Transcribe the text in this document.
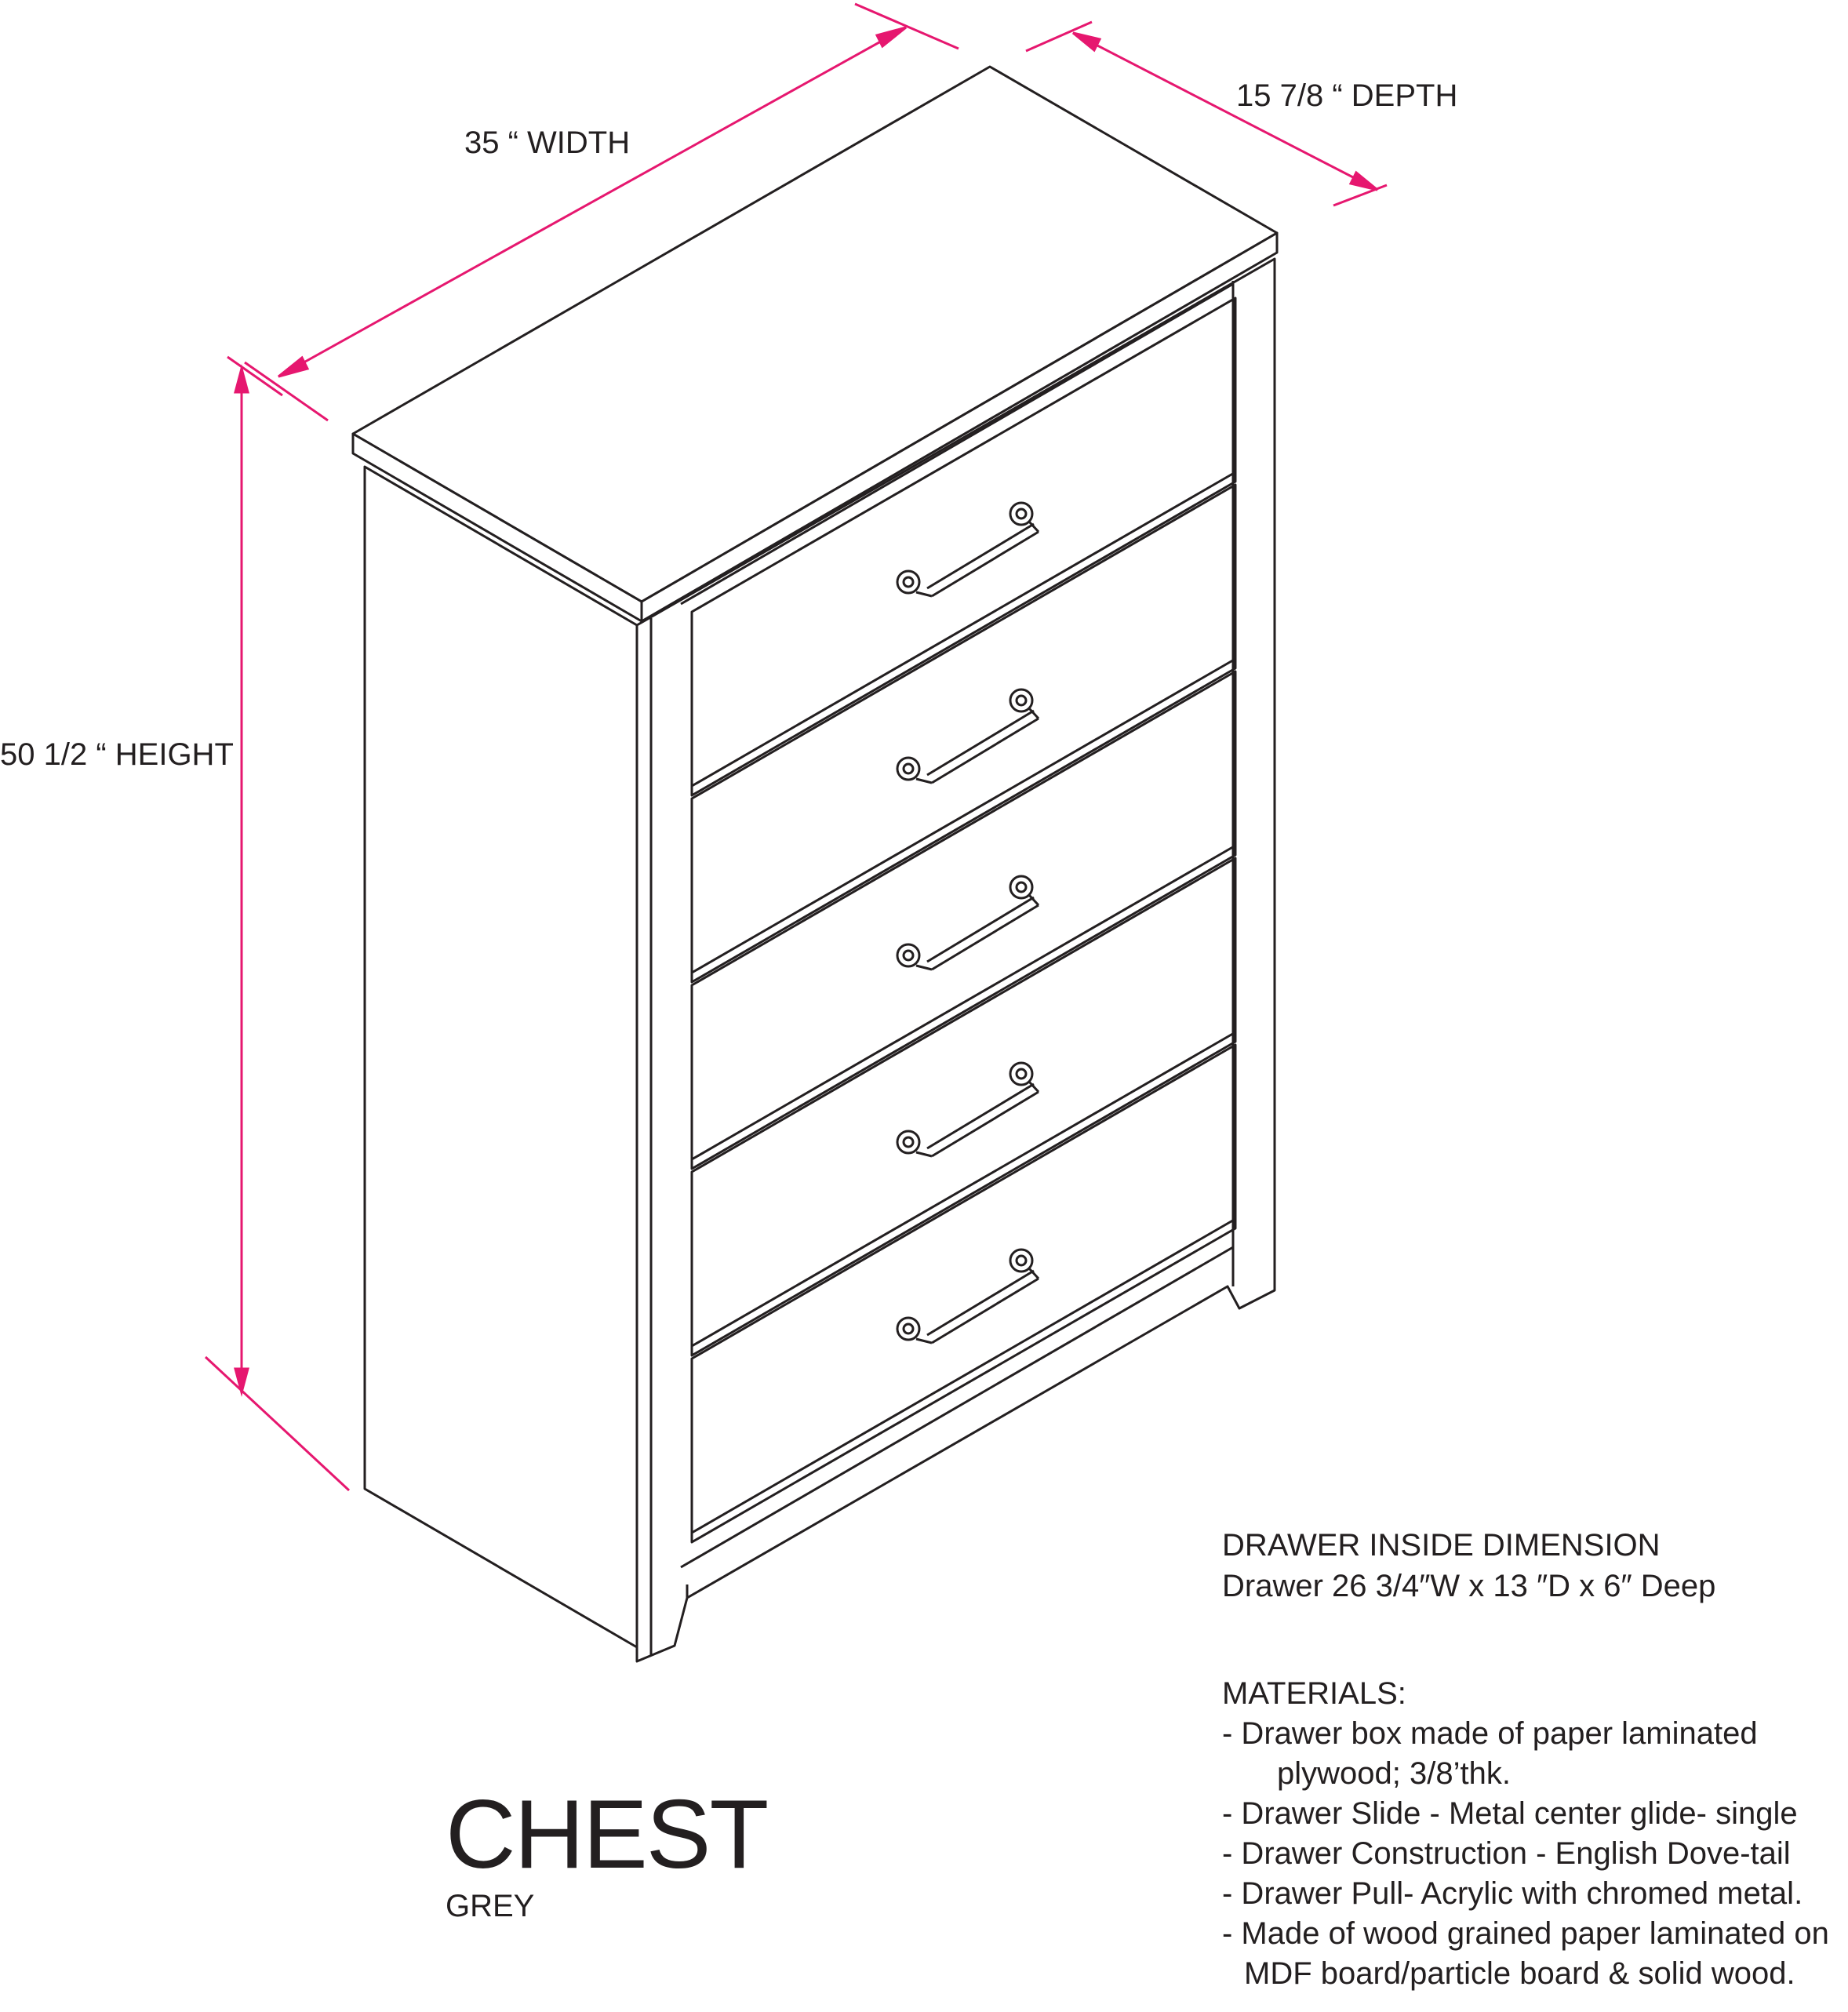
35 “ WIDTH
15 7/8 “ DEPTH
50 1/2 “ HEIGHT
CHEST
GREY
DRAWER INSIDE DIMENSION
Drawer 26 3/4″W x 13 ″D x 6″ Deep
MATERIALS:
- Drawer box made of paper laminated
plywood; 3/8’thk.
- Drawer Slide - Metal center glide- single
- Drawer Construction - English Dove-tail
- Drawer Pull- Acrylic with chromed metal.
- Made of wood grained paper laminated on
MDF board/particle board & solid wood.
